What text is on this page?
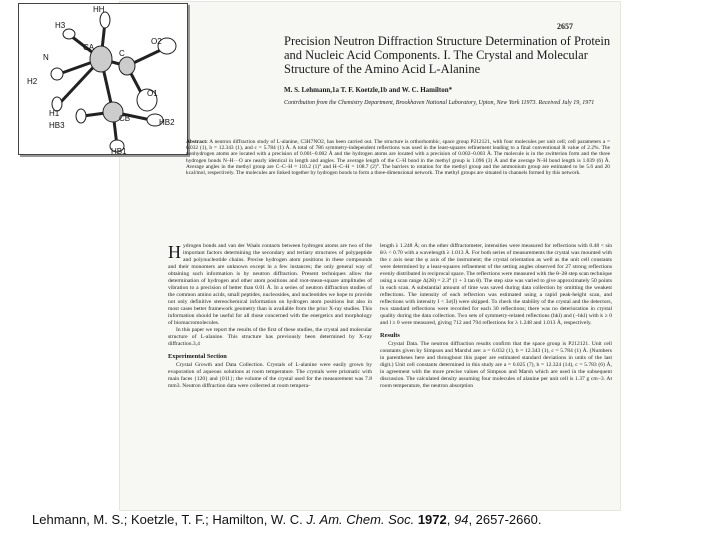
HH
H3
N
CA
C
O2
H2
H1
O1
HB3
CB	HB2
HB1
2657
Precision Neutron Diffraction Structure Determination of Protein and Nucleic Acid Components. I. The Crystal and Molecular Structure of the Amino Acid L-Alanine
M. S. Lehmann,1a T. F. Koetzle,1b and W. C. Hamilton*
Contribution from the Chemistry Department, Brookhaven National Laboratory, Upton, New York 11973. Received July 19, 1971

Abstract: A neutron diffraction study of L-alanine, C3H7NO2, has been carried out. The structure is orthorhombic, space group P212121, with four molecules per unit cell; cell parameters a = 6.032 (1), b = 12.343 (1), and c = 5.784 (1) Å. A total of 786 symmetry-independent reflections was used in the least-squares refinement leading to a final conventional R value of 2.2%. The nonhydrogen atoms are located with a precision of 0.001–0.002 Å and the hydrogen atoms are located with a precision of 0.002–0.003 Å. The molecule is in the zwitterion form and the three hydrogen bonds N–H···O are nearly identical in length and angles. The average length of the C–H bond in the methyl group is 1.096 (3) Å and the average N–H bond length is 1.039 (6) Å. Average angles in the methyl group are C–C–H = 110.2 (1)° and H–C–H = 108.7 (2)°. The barriers to rotation for the methyl group and the ammonium group are estimated to be 5.6 and 20 kcal/mol, respectively. The molecules are linked together by hydrogen bonds to form a three-dimensional network. The methyl groups are situated in channels formed by this network.

Hydrogen bonds and van der Waals contacts between hydrogen atoms are two of the important factors determining the secondary and tertiary structures of polypeptide and polynucleotide chains. Precise hydrogen atom positions in these compounds and their monomers are unknown except in a few instances; the only general way of obtaining such information is by neutron diffraction. Present techniques allow the determination of hydrogen and other atom positions and root-mean-square amplitudes of vibration to a precision of better than 0.01 Å. In a series of neutron diffraction studies of the common amino acids, small peptides, nucleosides, and nucleotides we hope to provide not only definitive stereochemical information on hydrogen atom positions but also in most cases better framework geometry than is available from the prior X-ray studies. This information should be useful for all those concerned with the energetics and morphology of biomacromolecules.

In this paper we report the results of the first of these studies, the crystal and molecular structure of L-alanine. This structure has previously been determined by X-ray diffraction.3,4

Experimental Section

Crystal Growth and Data Collection. Crystals of L-alanine were easily grown by evaporation of aqueous solutions at room temperature. The crystals were prismatic with main faces {120} and {011}; the volume of the crystal used for the measurement was 7.8 mm3. Neutron diffraction data were collected at room tempera-

length λ 1.248 Å; on the other diffractometer, intensities were measured for reflections with 0.48 < sin θ/λ < 0.70 with a wavelength λ 1.013 Å. For both series of measurements the crystal was mounted with the c axis near the φ axis of the instrument; the crystal orientation as well as the unit cell constants were determined by a least-squares refinement of the setting angles observed for 27 strong reflections evenly distributed in reciprocal space. The reflections were measured with the θ–2θ step scan technique using a scan range Δ(2θ) = 2.3° (1 + 3 tan θ). The step size was varied to give approximately 50 points in each scan. A substantial amount of time was saved during data collection by omitting the weakest reflections. The intensity of each reflection was estimated using a rapid peak-height scan, and reflections with intensity I < 3σ(I) were skipped. To check the stability of the crystal and the detectors, two standard reflections were recorded for each 30 reflections; there was no deterioration in crystal quality during the data collection. Two sets of symmetry-related reflections (hkl) and (−hkl) with k ≥ 0 and l ≥ 0 were measured, giving 712 and 794 reflections for λ 1.248 and 1.013 Å, respectively.

Results

Crystal Data. The neutron diffraction results confirm that the space group is P212121. Unit cell constants given by Simpson and Marsh4 are: a = 6.032 (1), b = 12.343 (1), c = 5.784 (1) Å. (Numbers in parentheses here and throughout this paper are estimated standard deviations in units of the last digit.) Unit cell constants determined in this study are a = 6.025 (7), b = 12.324 (14), c = 5.783 (6) Å, in agreement with the more precise values of Simpson and Marsh which are used in the subsequent discussion. The calculated density assuming four molecules of alanine per unit cell is 1.37 g cm−3. At room temperature, the neutron absorption

Lehmann, M. S.; Koetzle, T. F.; Hamilton, W. C. J. Am. Chem. Soc. 1972, 94, 2657-2660.
